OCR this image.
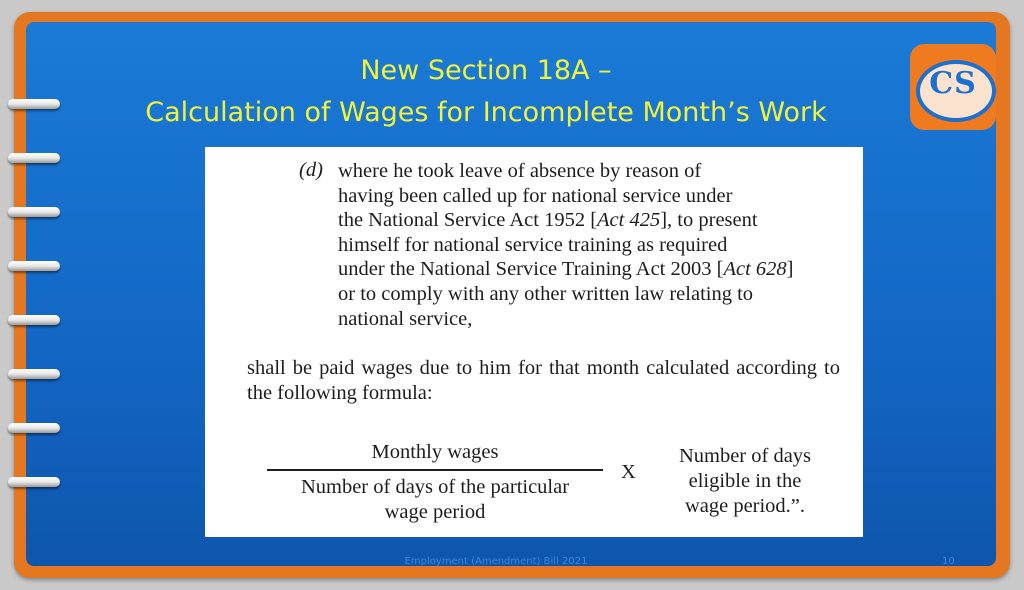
New Section 18A –
Calculation of Wages for Incomplete Month’s Work
CS
(d) where he took leave of absence by reason of
having been called up for national service under
the National Service Act 1952 [Act 425], to present
himself for national service training as required
under the National Service Training Act 2003 [Act 628]
or to comply with any other written law relating to
national service,
shall be paid wages due to him for that month calculated according to the following formula:
Monthly wages
Number of days of the particular
wage period
X
Number of days
eligible in the
wage period.”.
Employment (Amendment) Bill 2021	10
